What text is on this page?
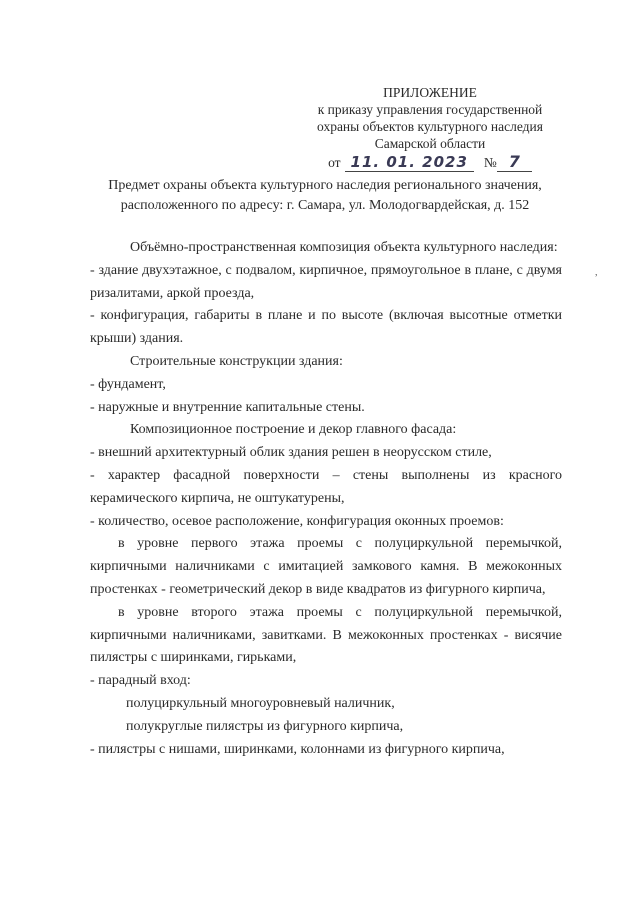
ПРИЛОЖЕНИЕ
к приказу управления государственной
охраны объектов культурного наследия
Самарской области
от 11. 01. 2023 № 7
Предмет охраны объекта культурного наследия регионального значения,
расположенного по адресу: г. Самара, ул. Молодогвардейская, д. 152
,
Объёмно-пространственная композиция объекта культурного наследия:
- здание двухэтажное, с подвалом, кирпичное, прямоугольное в плане, с двумя ризалитами, аркой проезда,
- конфигурация, габариты в плане и по высоте (включая высотные отметки крыши) здания.
Строительные конструкции здания:
- фундамент,
- наружные и внутренние капитальные стены.
Композиционное построение и декор главного фасада:
- внешний архитектурный облик здания решен в неорусском стиле,
- характер фасадной поверхности – стены выполнены из красного керамического кирпича, не оштукатурены,
- количество, осевое расположение, конфигурация оконных проемов:
в уровне первого этажа проемы с полуциркульной перемычкой, кирпичными наличниками с имитацией замкового камня. В межоконных простенках - геометрический декор в виде квадратов из фигурного кирпича,
в уровне второго этажа проемы с полуциркульной перемычкой, кирпичными наличниками, завитками. В межоконных простенках - висячие пилястры с ширинками, гирьками,
- парадный вход:
полуциркульный многоуровневый наличник,
полукруглые пилястры из фигурного кирпича,
- пилястры с нишами, ширинками, колоннами из фигурного кирпича,
